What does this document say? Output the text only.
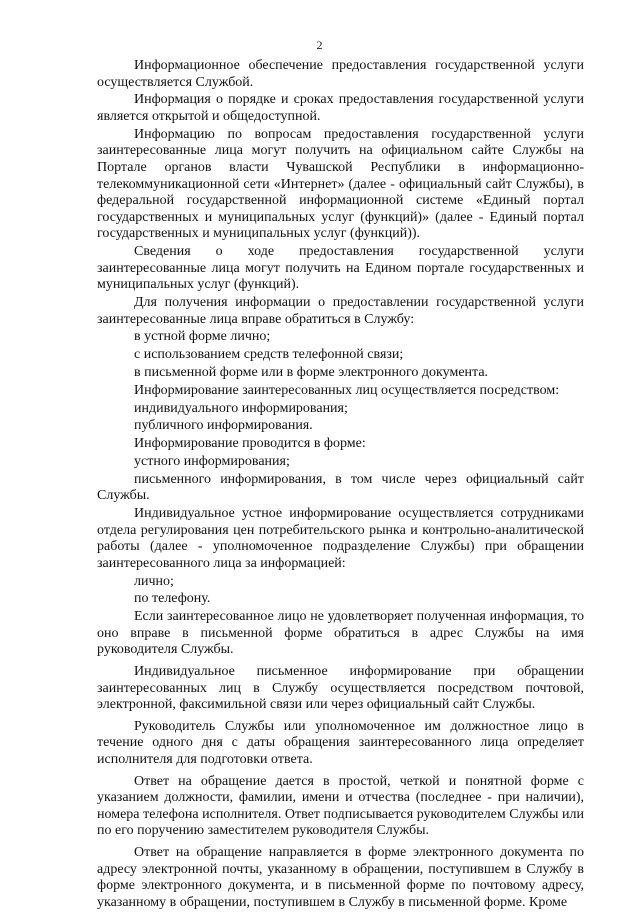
2

Информационное обеспечение предоставления государственной услуги осуществляется Службой.

Информация о порядке и сроках предоставления государственной услуги является открытой и общедоступной.

Информацию по вопросам предоставления государственной услуги заинтересованные лица могут получить на официальном сайте Службы на Портале органов власти Чувашской Республики в информационно-телекоммуникационной сети «Интернет» (далее - официальный сайт Службы), в федеральной государственной информационной системе «Единый портал государственных и муниципальных услуг (функций)» (далее - Единый портал государственных и муниципальных услуг (функций)).

Сведения о ходе предоставления государственной услуги заинтересованные лица могут получить на Едином портале государственных и муниципальных услуг (функций).

Для получения информации о предоставлении государственной услуги заинтересованные лица вправе обратиться в Службу:

в устной форме лично;

с использованием средств телефонной связи;

в письменной форме или в форме электронного документа.

Информирование заинтересованных лиц осуществляется посредством:

индивидуального информирования;

публичного информирования.

Информирование проводится в форме:

устного информирования;

письменного информирования, в том числе через официальный сайт Службы.

Индивидуальное устное информирование осуществляется сотрудниками отдела регулирования цен потребительского рынка и контрольно-аналитической работы (далее - уполномоченное подразделение Службы) при обращении заинтересованного лица за информацией:

лично;

по телефону.

Если заинтересованное лицо не удовлетворяет полученная информация, то оно вправе в письменной форме обратиться в адрес Службы на имя руководителя Службы.

Индивидуальное письменное информирование при обращении заинтересованных лиц в Службу осуществляется посредством почтовой, электронной, факсимильной связи или через официальный сайт Службы.

Руководитель Службы или уполномоченное им должностное лицо в течение одного дня с даты обращения заинтересованного лица определяет исполнителя для подготовки ответа.

Ответ на обращение дается в простой, четкой и понятной форме с указанием должности, фамилии, имени и отчества (последнее - при наличии), номера телефона исполнителя. Ответ подписывается руководителем Службы или по его поручению заместителем руководителя Службы.

Ответ на обращение направляется в форме электронного документа по адресу электронной почты, указанному в обращении, поступившем в Службу в форме электронного документа, и в письменной форме по почтовому адресу, указанному в обращении, поступившем в Службу в письменной форме. Кроме
